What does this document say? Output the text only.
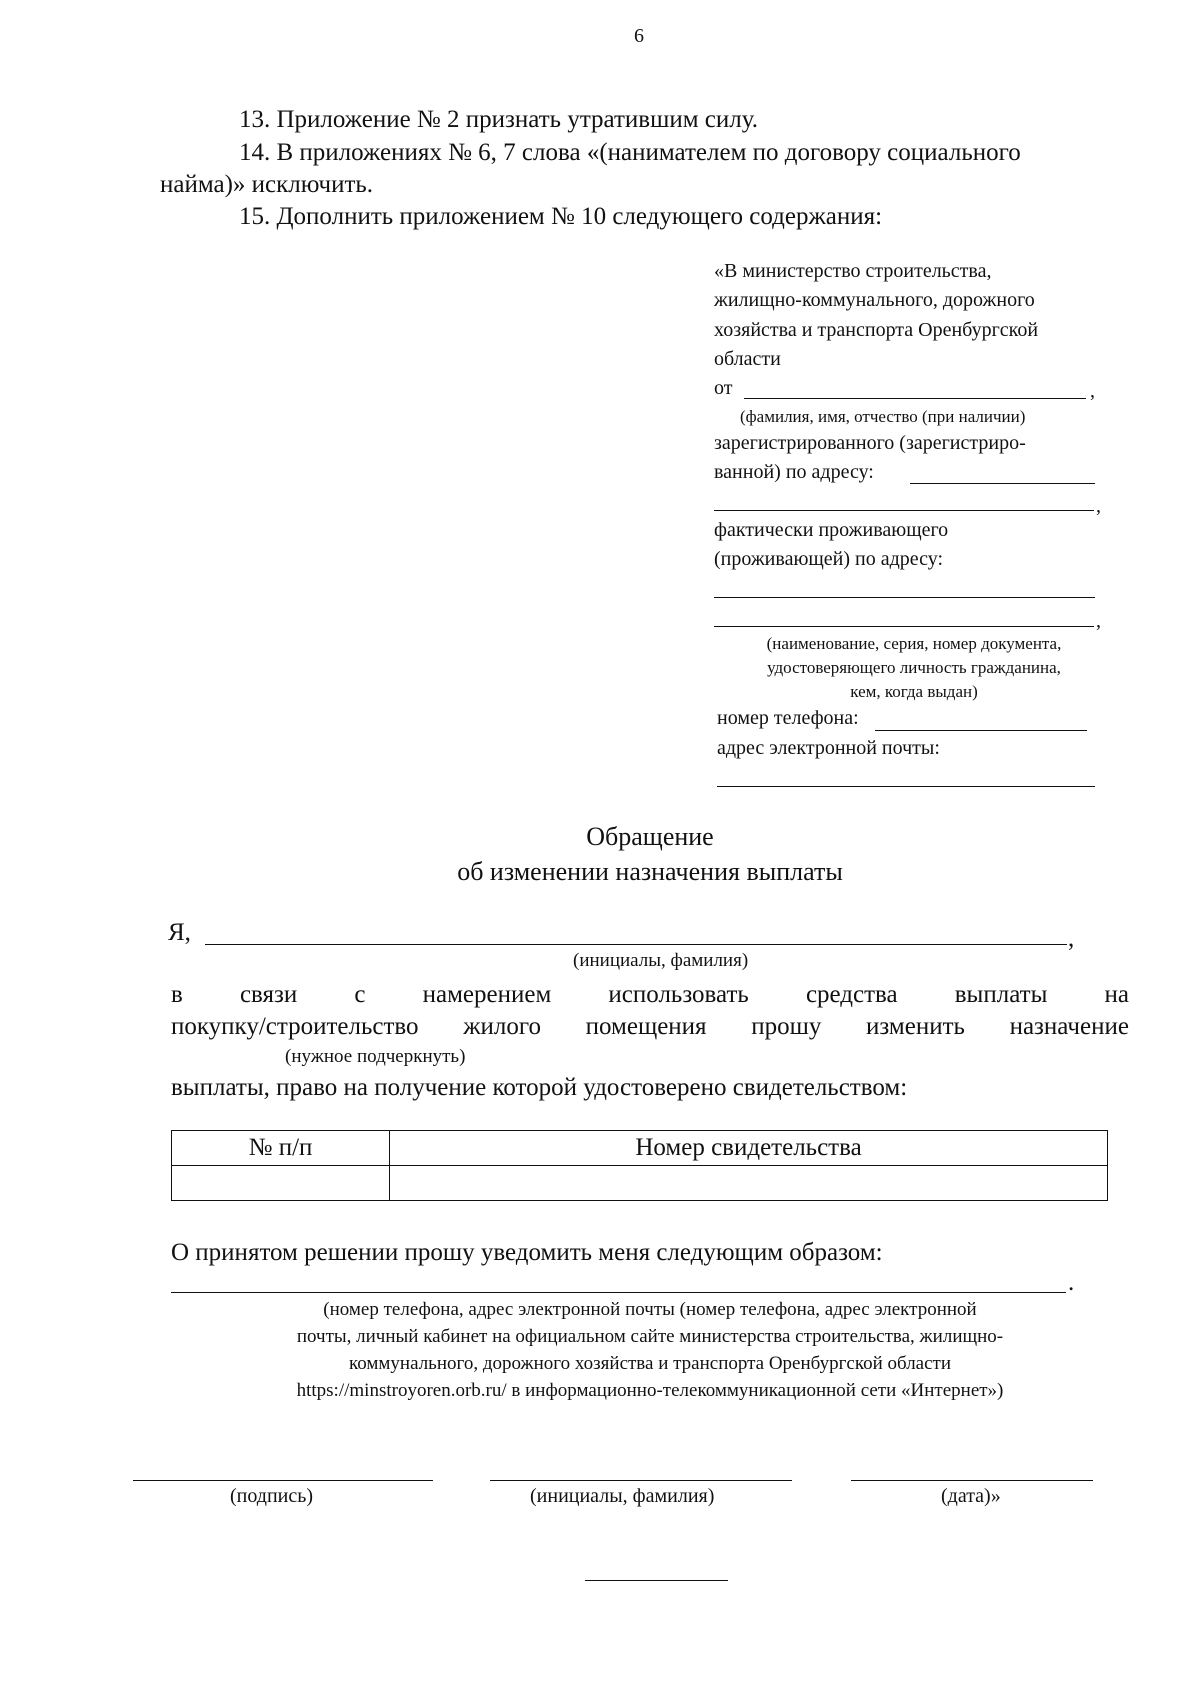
6
13. Приложение № 2 признать утратившим силу.
14. В приложениях № 6, 7 слова «(нанимателем по договору социального
найма)» исключить.
15. Дополнить приложением № 10 следующего содержания:
«В министерство строительства,
жилищно-коммунального, дорожного
хозяйства и транспорта Оренбургской
области
от	,
(фамилия, имя, отчество (при наличии)
зарегистрированного (зарегистриро-
ванной) по адресу:
,
фактически проживающего
(проживающей) по адресу:
,
(наименование, серия, номер документа,
удостоверяющего личность гражданина,
кем, когда выдан)
номер телефона:
адрес электронной почты:
Обращение
об изменении назначения выплаты
Я,	,
(инициалы, фамилия)
в связи с намерением использовать средства выплаты на
покупку/строительство жилого помещения прошу изменить назначение
(нужное подчеркнуть)
выплаты, право на получение которой удостоверено свидетельством:
№ п/п	Номер свидетельства

О принятом решении прошу уведомить меня следующим образом:
.
(номер телефона, адрес электронной почты (номер телефона, адрес электронной
почты, личный кабинет на официальном сайте министерства строительства, жилищно-
коммунального, дорожного хозяйства и транспорта Оренбургской области
https://minstroyoren.orb.ru/ в информационно-телекоммуникационной сети «Интернет»)
(подпись)	(инициалы, фамилия)	(дата)»
